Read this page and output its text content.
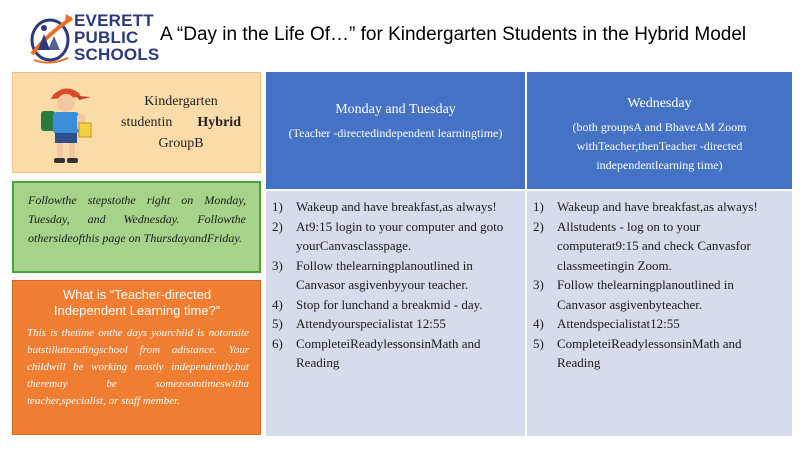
EVERETT
PUBLIC
SCHOOLS
A “Day in the Life Of…” for Kindergarten Students in the Hybrid Model
Kindergarten
studentin Hybrid
GroupB
Followthe stepstothe right on Monday, Tuesday, and Wednesday. Followthe othersideofthis page on ThursdayandFriday.
What is “Teacher-directed
Independent Learning time?”
This is thetime onthe days yourchild is notonsite butstillattendingschool from adistance. Your childwill be working mostly independently,but theremay be somezoomtimeswitha teacher,specialist, or staff member.
Monday and Tuesday
(Teacher -directedindependent learningtime)
Wednesday
(both groupsA and BhaveAM Zoom withTeacher,thenTeacher -directed independentlearning time)
1)	Wakeup and have breakfast,as always!
2)	At9:15 login to your computer and goto yourCanvasclasspage.
3)	Follow thelearningplanoutlined in Canvasor asgivenbyyour teacher.
4)	Stop for lunchand a breakmid - day.
5)	Attendyourspecialistat 12:55
6)	CompleteiReadylessonsinMath and Reading
1)	Wakeup and have breakfast,as always!
2)	Allstudents - log on to your computerat9:15 and check Canvasfor classmeetingin Zoom.
3)	Follow thelearningplanoutlined in Canvasor asgivenbyteacher.
4)	Attendspecialistat12:55
5)	CompleteiReadylessonsinMath and Reading
